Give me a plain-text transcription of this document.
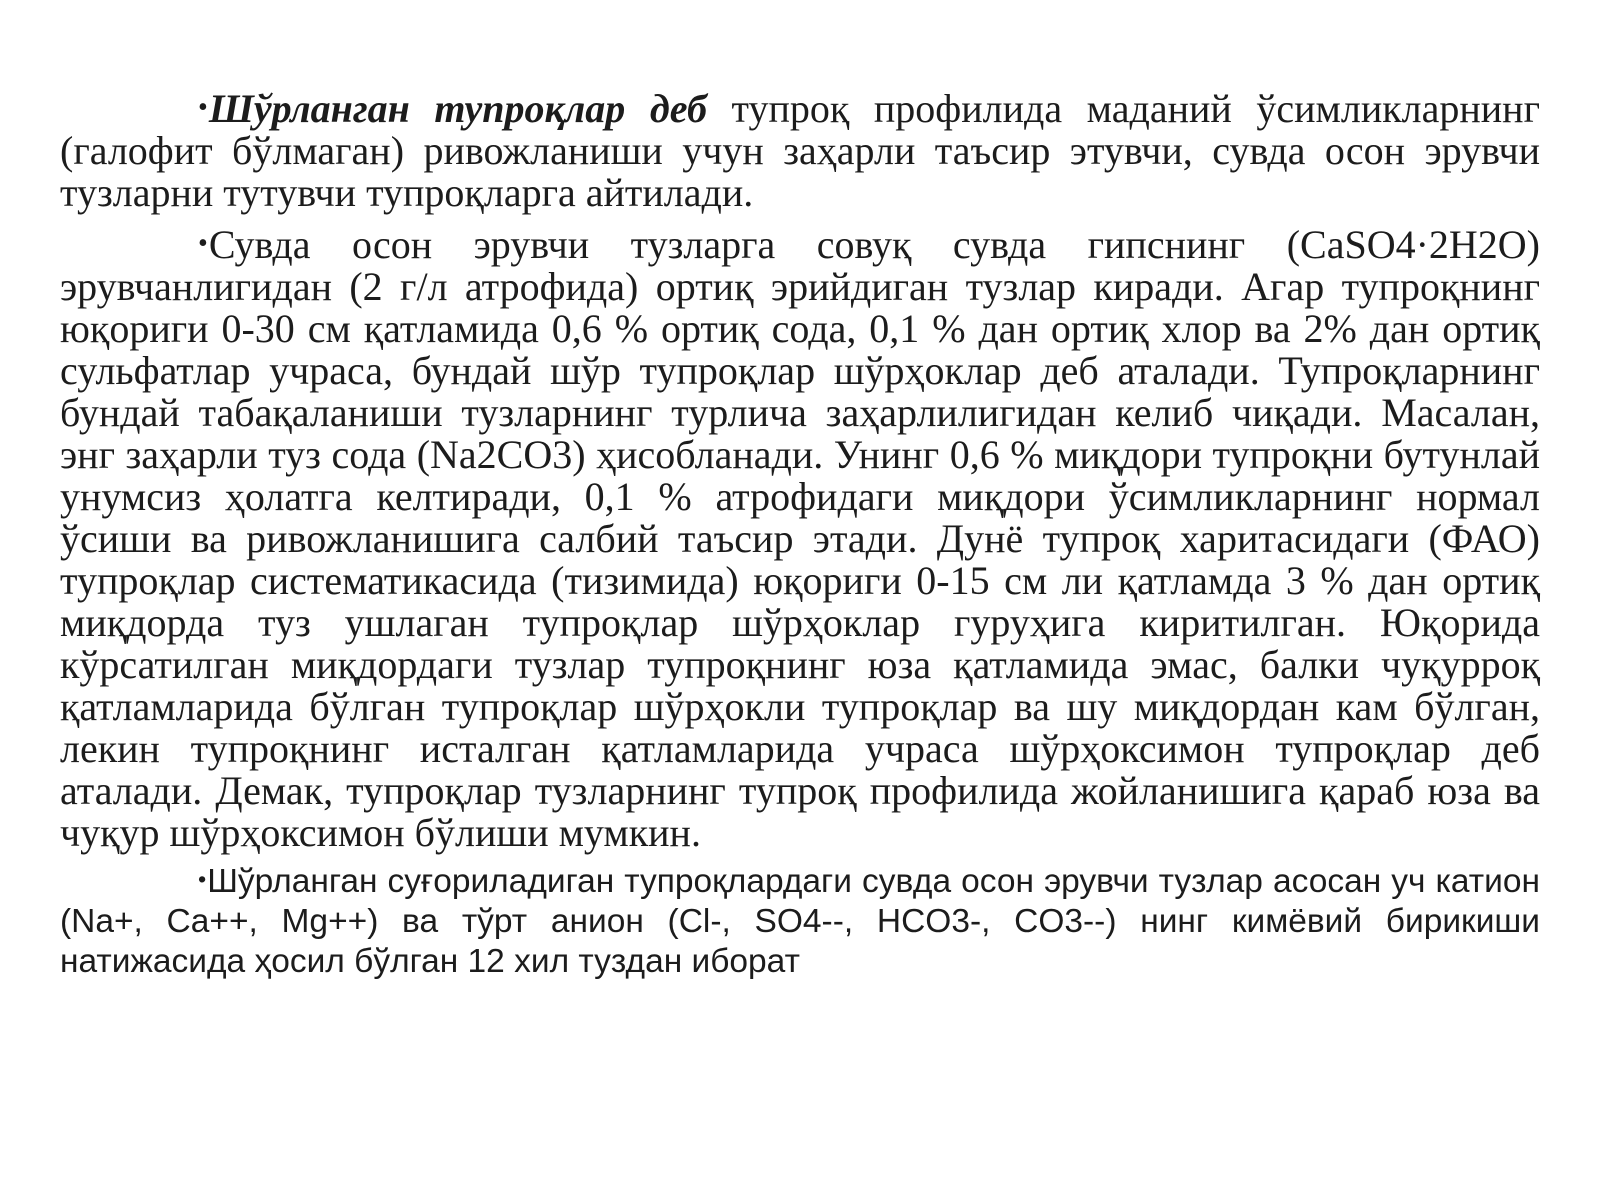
•Шўрланган тупроқлар деб тупроқ профилида маданий ўсимликларнинг (галофит бўлмаган) ривожланиши учун заҳарли таъсир этувчи, сувда осон эрувчи тузларни тутувчи тупроқларга айтилади.

•Сувда осон эрувчи тузларга совуқ сувда гипснинг (CaSO4·2H2O) эрувчанлигидан (2 г/л атрофида) ортиқ эрийдиган тузлар киради. Агар тупроқнинг юқориги 0-30 см қатламида 0,6 % ортиқ сода, 0,1 % дан ортиқ хлор ва 2% дан ортиқ сульфатлар учраса, бундай шўр тупроқлар шўрҳоклар деб аталади. Тупроқларнинг бундай табақаланиши тузларнинг турлича заҳарлилигидан келиб чиқади. Масалан, энг заҳарли туз сода (Na2CO3) ҳисобланади. Унинг 0,6 % миқдори тупроқни бутунлай унумсиз ҳолатга келтиради, 0,1 % атрофидаги миқдори ўсимликларнинг нормал ўсиши ва ривожланишига салбий таъсир этади. Дунё тупроқ харитасидаги (ФАО) тупроқлар систематикасида (тизимида) юқориги 0-15 см ли қатламда 3 % дан ортиқ миқдорда туз ушлаган тупроқлар шўрҳоклар гуруҳига киритилган. Юқорида кўрсатилган миқдордаги тузлар тупроқнинг юза қатламида эмас, балки чуқурроқ қатламларида бўлган тупроқлар шўрҳокли тупроқлар ва шу миқдордан кам бўлган, лекин тупроқнинг исталган қатламларида учраса шўрҳоксимон тупроқлар деб аталади. Демак, тупроқлар тузларнинг тупроқ профилида жойланишига қараб юза ва чуқур шўрҳоксимон бўлиши мумкин.

•Шўрланган суғориладиган тупроқлардаги сувда осон эрувчи тузлар асосан уч катион (Na+, Ca++, Mg++) ва тўрт анион (Cl-, SO4--, HCO3-, CO3--) нинг кимёвий бирикиши натижасида ҳосил бўлган 12 хил туздан иборат
